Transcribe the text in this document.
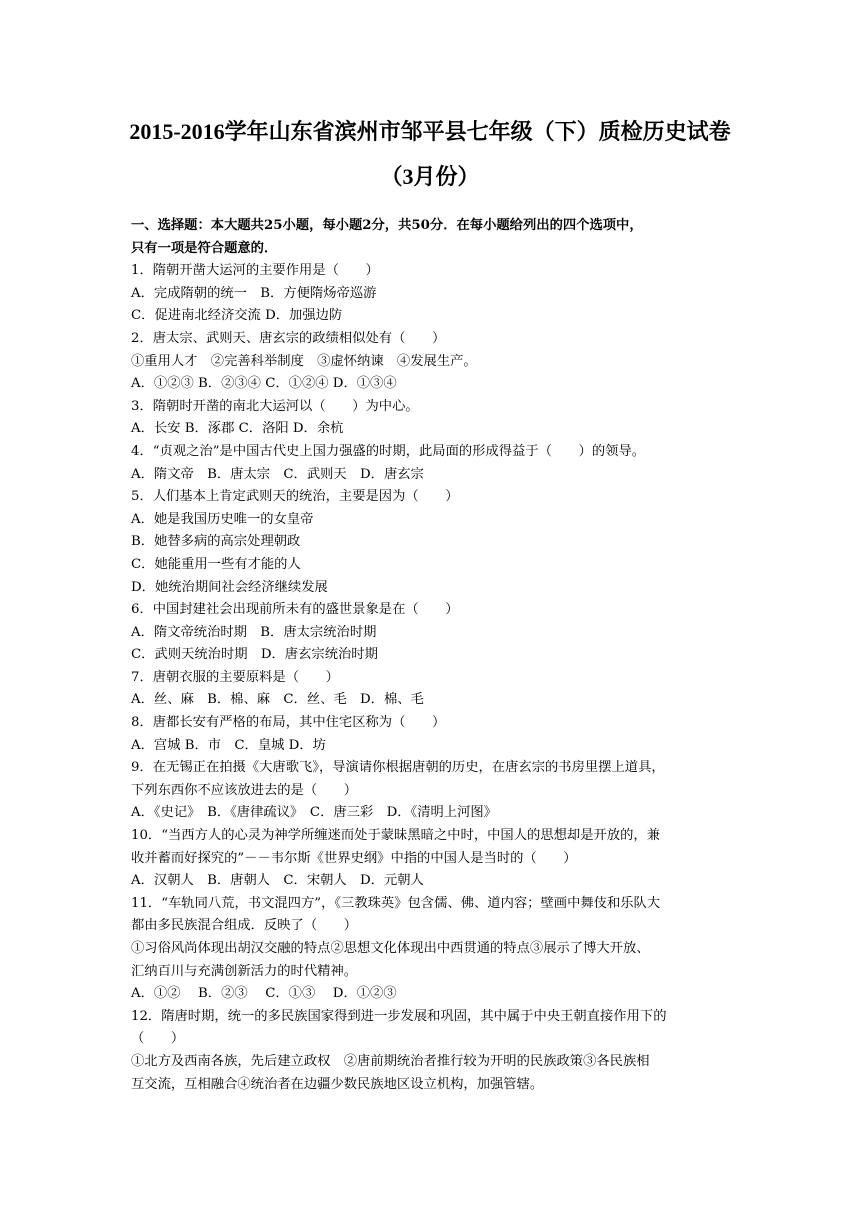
2015-2016学年山东省滨州市邹平县七年级（下）质检历史试卷
（3月份）
一、选择题：本大题共25小题，每小题2分，共50分．在每小题给列出的四个选项中，
只有一项是符合题意的．
1．隋朝开凿大运河的主要作用是（　　）
A．完成隋朝的统一　B．方便隋炀帝巡游
C．促进南北经济交流 D．加强边防
2．唐太宗、武则天、唐玄宗的政绩相似处有（　　）
①重用人才　②完善科举制度　③虚怀纳谏　④发展生产。
A．①②③ B．②③④ C．①②④ D．①③④
3．隋朝时开凿的南北大运河以（　　）为中心。
A．长安 B．涿郡 C．洛阳 D．余杭
4．“贞观之治”是中国古代史上国力强盛的时期，此局面的形成得益于（　　）的领导。
A．隋文帝　B．唐太宗　C．武则天　D．唐玄宗
5．人们基本上肯定武则天的统治，主要是因为（　　）
A．她是我国历史唯一的女皇帝
B．她替多病的高宗处理朝政
C．她能重用一些有才能的人
D．她统治期间社会经济继续发展
6．中国封建社会出现前所未有的盛世景象是在（　　）
A．隋文帝统治时期　B．唐太宗统治时期
C．武则天统治时期　D．唐玄宗统治时期
7．唐朝衣服的主要原料是（　　）
A．丝、麻　B．棉、麻　C．丝、毛　D．棉、毛
8．唐都长安有严格的布局，其中住宅区称为（　　）
A．宫城 B．市　C．皇城 D．坊
9．在无锡正在拍摄《大唐歌飞》，导演请你根据唐朝的历史，在唐玄宗的书房里摆上道具，
下列东西你不应该放进去的是（　　）
A．《史记》　B．《唐律疏议》　C．唐三彩　D．《清明上河图》
10．“当西方人的心灵为神学所缠迷而处于蒙昧黑暗之中时，中国人的思想却是开放的，兼
收并蓄而好探究的”－－韦尔斯《世界史纲》中指的中国人是当时的（　　）
A．汉朝人　B．唐朝人　C．宋朝人　D．元朝人
11．“车轨同八荒，书文混四方”，《三教珠英》包含儒、佛、道内容；壁画中舞伎和乐队大
都由多民族混合组成．反映了（　　）
①习俗风尚体现出胡汉交融的特点②思想文化体现出中西贯通的特点③展示了博大开放、
汇纳百川与充满创新活力的时代精神。
A．①②　 B．②③　 C．①③　 D．①②③
12．隋唐时期，统一的多民族国家得到进一步发展和巩固，其中属于中央王朝直接作用下的
（　　）
①北方及西南各族，先后建立政权　②唐前期统治者推行较为开明的民族政策③各民族相
互交流，互相融合④统治者在边疆少数民族地区设立机构，加强管辖。
